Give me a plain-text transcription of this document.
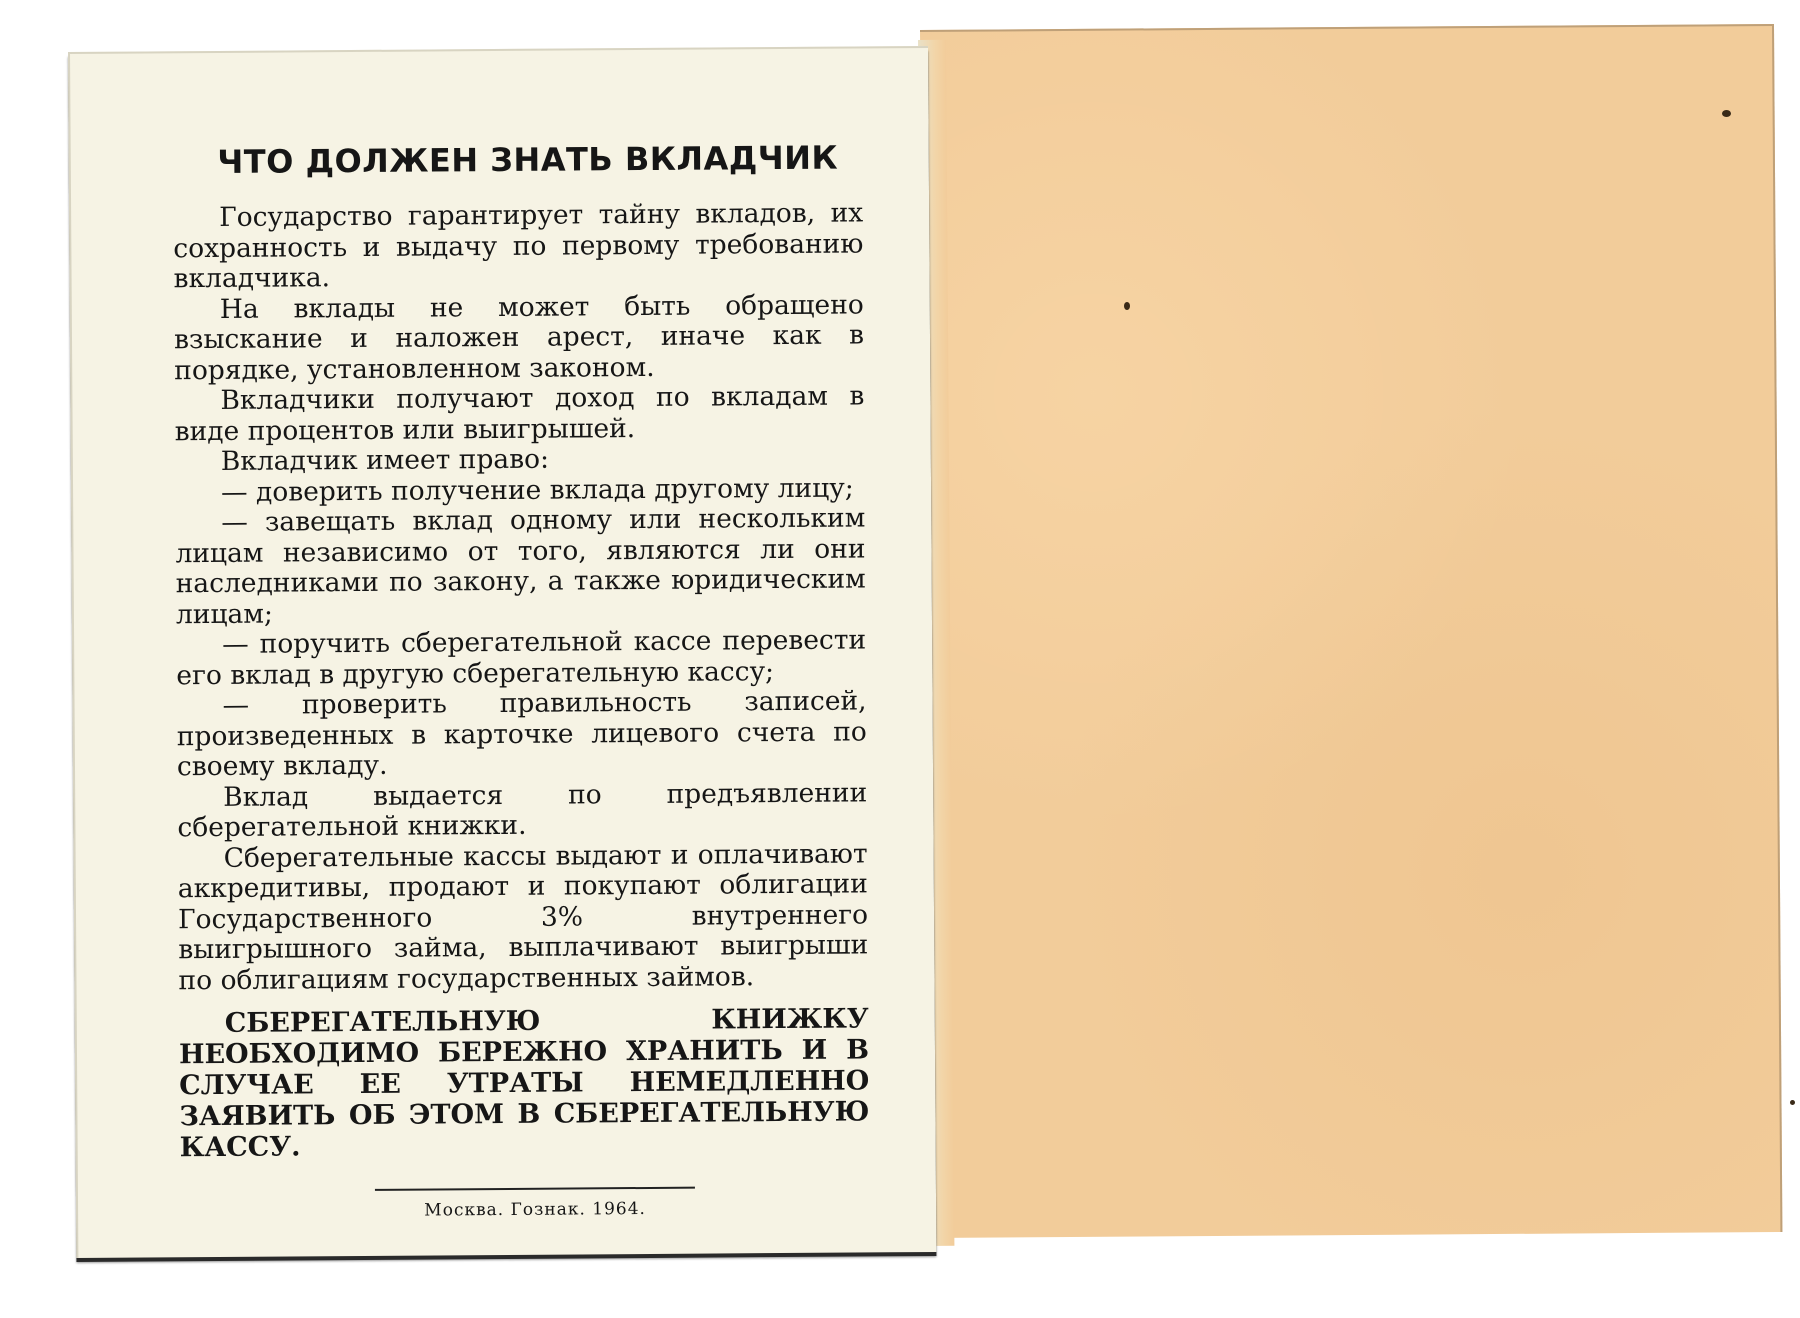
ЧТО ДОЛЖЕН ЗНАТЬ ВКЛАДЧИК

Государство гарантирует тайну вкладов, их сохранность и выдачу по первому требованию вкладчика.

На вклады не может быть обращено взыскание и наложен арест, иначе как в порядке, установленном законом.

Вкладчики получают доход по вкладам в виде процентов или выигрышей.

Вкладчик имеет право:

— доверить получение вклада другому лицу;

— завещать вклад одному или нескольким лицам независимо от того, являются ли они наследниками по закону, а также юридическим лицам;

— поручить сберегательной кассе перевести его вклад в другую сберегательную кассу;

— проверить правильность записей, произведенных в карточке лицевого счета по своему вкладу.

Вклад выдается по предъявлении сберегательной книжки.

Сберегательные кассы выдают и оплачивают аккредитивы, продают и покупают облигации Государственного 3% внутреннего выигрышного займа, выплачивают выигрыши по облигациям государственных займов.

СБЕРЕГАТЕЛЬНУЮ КНИЖКУ НЕОБХОДИМО БЕРЕЖНО ХРАНИТЬ И В СЛУЧАЕ ЕЕ УТРАТЫ НЕМЕДЛЕННО ЗАЯВИТЬ ОБ ЭТОМ В СБЕРЕГАТЕЛЬНУЮ КАССУ.

Москва. Гознак. 1964.
